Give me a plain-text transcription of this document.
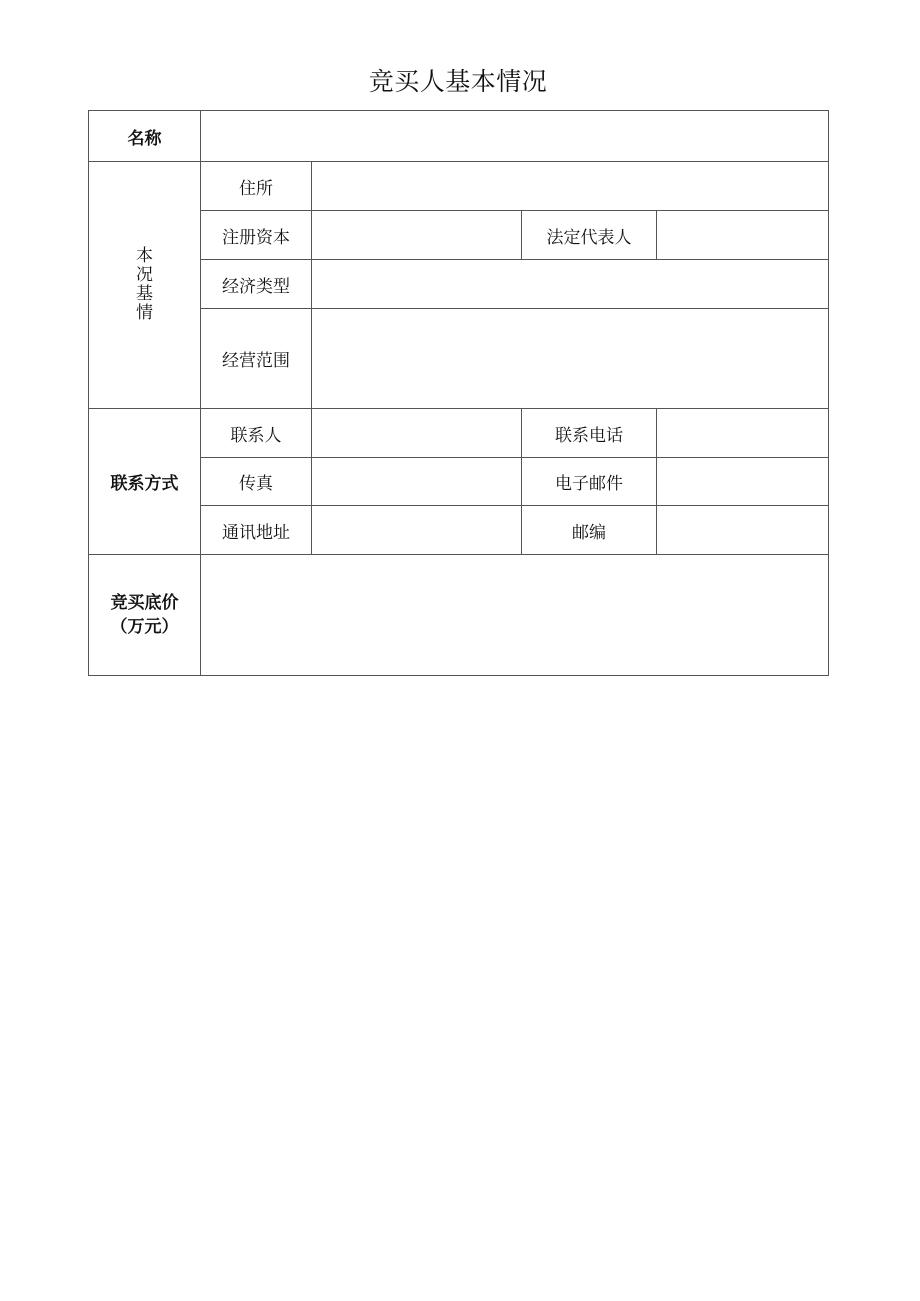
竞买人基本情况
名称				
本况基情	住所			
	注册资本		法定代表人	
	经济类型			
	经营范围			
联系方式	联系人		联系电话	
	传真		电子邮件	
	通讯地址		邮编	

竞买底价
（万元）				
